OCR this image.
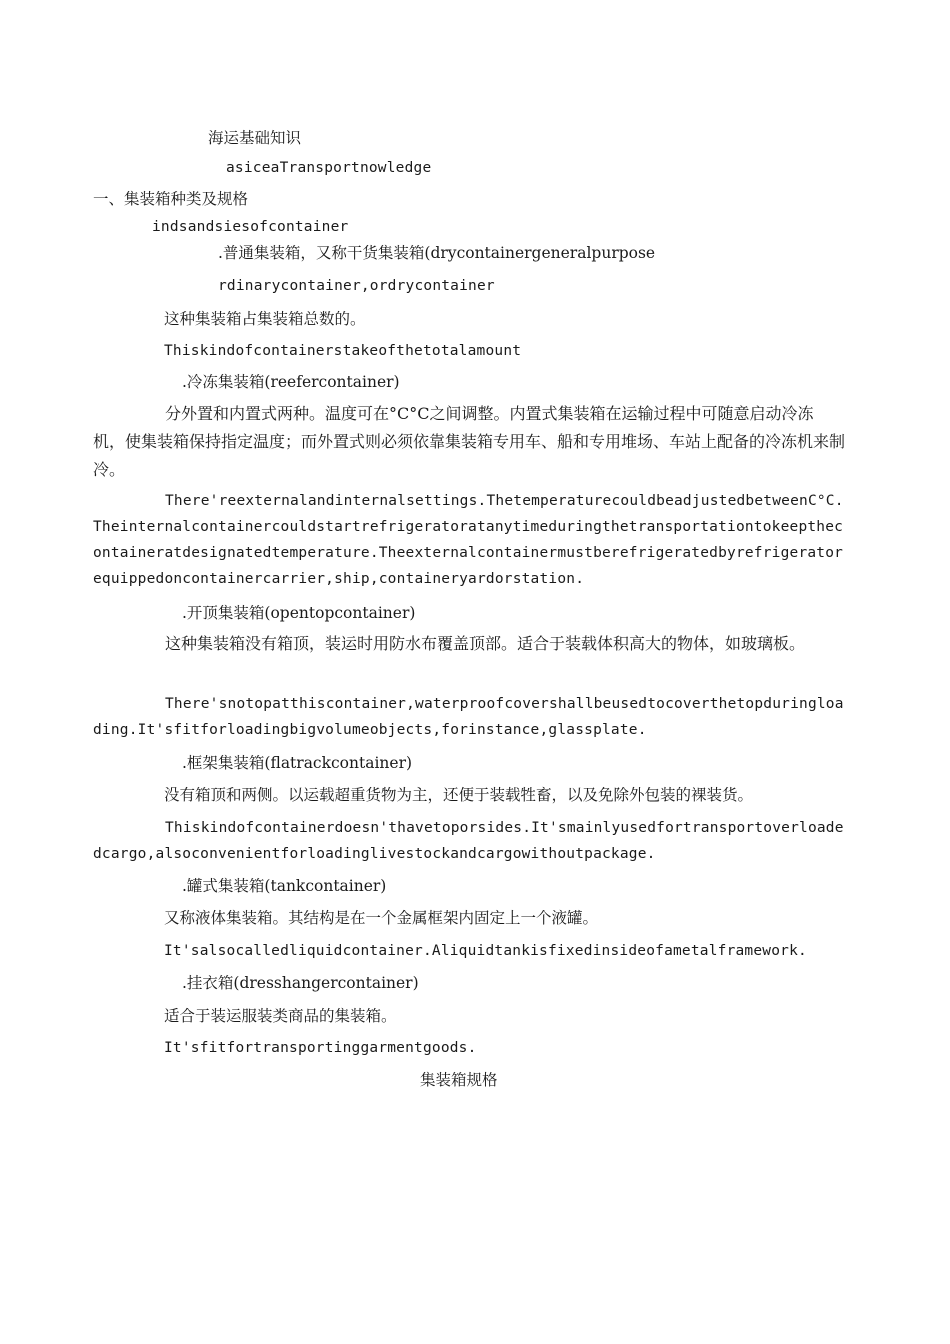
海运基础知识
asiceaTransportnowledge
一、集装箱种类及规格
indsandsiesofcontainer
.普通集装箱，又称干货集装箱(drycontainergeneralpurpose
rdinarycontainer,ordrycontainer
这种集装箱占集装箱总数的。
Thiskindofcontainerstakeofthetotalamount
.冷冻集装箱(reefercontainer)
分外置和内置式两种。温度可在°C°C之间调整。内置式集装箱在运输过程中可随意启动冷冻机，使集装箱保持指定温度；而外置式则必须依靠集装箱专用车、船和专用堆场、车站上配备的冷冻机来制冷。
There'reexternalandinternalsettings.ThetemperaturecouldbeadjustedbetweenC°C.Theinternalcontainercouldstartrefrigeratoratanytimeduringthetransportationtokeepthecontaineratdesignatedtemperature.Theexternalcontainermustberefrigeratedbyrefrigeratorequippedoncontainercarrier,ship,containeryardorstation.
.开顶集装箱(opentopcontainer)
这种集装箱没有箱顶，装运时用防水布覆盖顶部。适合于装载体积高大的物体，如玻璃板。
There'snotopatthiscontainer,waterproofcovershallbeusedtocoverthetopduringloading.It'sfitforloadingbigvolumeobjects,forinstance,glassplate.
.框架集装箱(flatrackcontainer)
没有箱顶和两侧。以运载超重货物为主，还便于装载牲畜，以及免除外包装的裸装货。
Thiskindofcontainerdoesn'thavetoporsides.It'smainlyusedfortransportoverloadedcargo,alsoconvenientforloadinglivestockandcargowithoutpackage.
.罐式集装箱(tankcontainer)
又称液体集装箱。其结构是在一个金属框架内固定上一个液罐。
It'salsocalledliquidcontainer.Aliquidtankisfixedinsideofametalframework.
.挂衣箱(dresshangercontainer)
适合于装运服装类商品的集装箱。
It'sfitfortransportinggarmentgoods.
集装箱规格
